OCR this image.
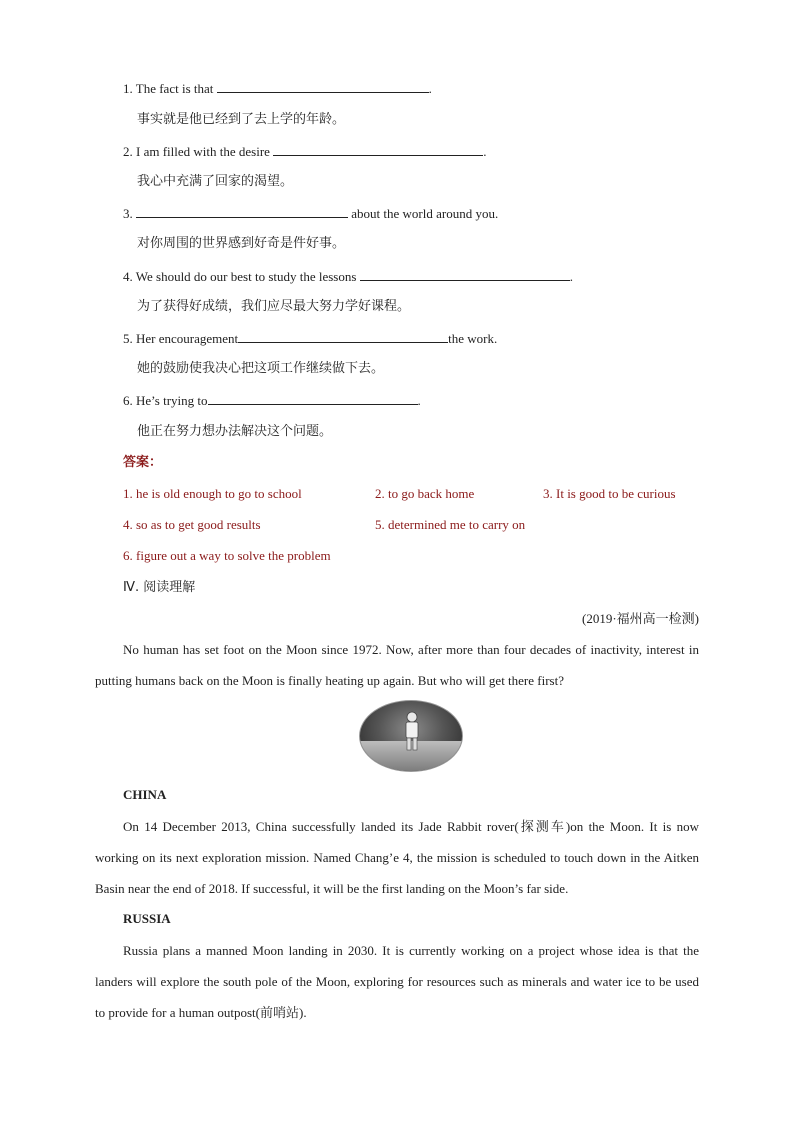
1. The fact is that	.
事实就是他已经到了去上学的年龄。
2. I am filled with the desire	.
我心中充满了回家的渴望。
3.	about the world around you.
对你周围的世界感到好奇是件好事。
4. We should do our best to study the lessons	.
为了获得好成绩，我们应尽最大努力学好课程。
5. Her encouragement	the work.
她的鼓励使我决心把这项工作继续做下去。
6. He’s trying to	.
他正在努力想办法解决这个问题。
答案：
1. he is old enough to go to school	2. to go back home	3. It is good to be curious
4. so as to get good results	5. determined me to carry on
6. figure out a way to solve the problem
Ⅳ. 阅读理解
(2019·福州高一检测)
No human has set foot on the Moon since 1972. Now, after more than four decades of inactivity, interest in putting humans back on the Moon is finally heating up again. But who will get there first?
CHINA
On 14 December 2013, China successfully landed its Jade Rabbit rover(探测车)on the Moon. It is now working on its next exploration mission. Named Chang’e 4, the mission is scheduled to touch down in the Aitken Basin near the end of 2018. If successful, it will be the first landing on the Moon’s far side.
RUSSIA
Russia plans a manned Moon landing in 2030. It is currently working on a project whose idea is that the landers will explore the south pole of the Moon, exploring for resources such as minerals and water ice to be used to provide for a human outpost(前哨站).
